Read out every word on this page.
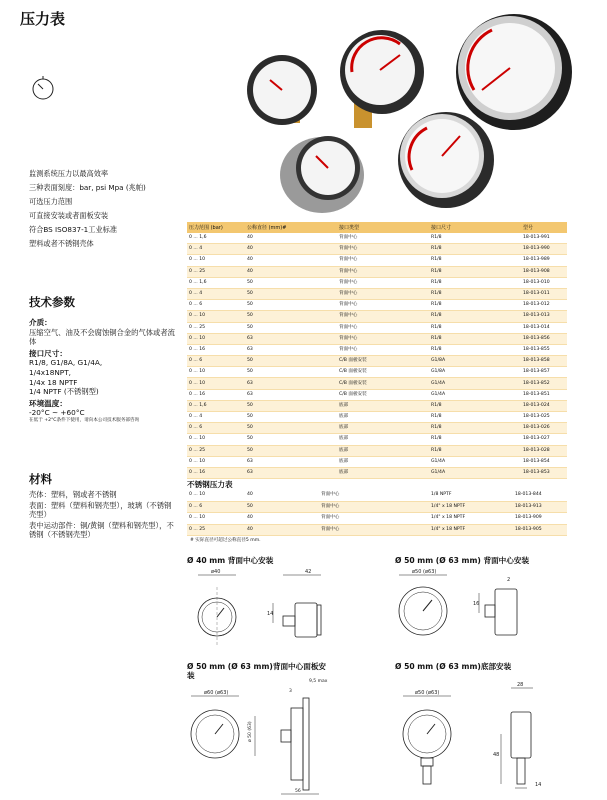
压力表
监测系统压力以最高效率
三种表面刻度：bar, psi Mpa (兆帕)
可选压力范围
可直接安装或者面板安装
符合BS ISO837-1工业标准
塑料或者不锈钢壳体
技术参数
介质：
压缩空气、油及不会腐蚀铜合金的气体或者流体
接口尺寸：
R1/8, G1/8A, G1/4A,
1/4x18NPT,
1/4x 18 NPTF
1/4 NPTF (不锈钢型)
环境温度：
-20°C ~ +60°C
在低于 +2°C条件下使用，请向本公司技术服务部咨询
材料
壳体：塑料，钢或者不锈钢
表面：塑料（塑料和钢壳型），玻璃（不锈钢壳型）
表中运动部件：铜/黄铜（塑料和钢壳型），不锈钢（不锈钢壳型）
压力范围 (bar)	公称直径 (mm)#	接口类型	接口尺寸	型号
0 ... 1,6	40	背面中心	R1/8	18-013-991
0 ... 4	40	背面中心	R1/8	18-013-990
0 ... 10	40	背面中心	R1/8	18-013-989
0 ... 25	40	背面中心	R1/8	18-013-908
0 ... 1,6	50	背面中心	R1/8	18-013-010
0 ... 4	50	背面中心	R1/8	18-013-011
0 ... 6	50	背面中心	R1/8	18-013-012
0 ... 10	50	背面中心	R1/8	18-013-013
0 ... 25	50	背面中心	R1/8	18-013-014
0 ... 10	63	背面中心	R1/8	18-013-856
0 ... 16	63	背面中心	R1/8	18-013-855
0 ... 6	50	C/B 面板安装	G1/8A	18-013-858
0 ... 10	50	C/B 面板安装	G1/8A	18-013-857
0 ... 10	63	C/B 面板安装	G1/4A	18-013-852
0 ... 16	63	C/B 面板安装	G1/4A	18-013-851
0 ... 1,6	50	底部	R1/8	18-013-024
0 ... 4	50	底部	R1/8	18-013-025
0 ... 6	50	底部	R1/8	18-013-026
0 ... 10	50	底部	R1/8	18-013-027
0 ... 25	50	底部	R1/8	18-013-028
0 ... 10	63	底部	G1/4A	18-013-854
0 ... 16	63	底部	G1/4A	18-013-853
不锈钢压力表
0 ... 10	40	背面中心	1/8 NPTF	18-013-844
0 ... 6	50	背面中心	1/4" x 18 NPTF	18-013-913
0 ... 10	40	背面中心	1/4" x 18 NPTF	18-013-909
0 ... 25	40	背面中心	1/4" x 18 NPTF	18-013-905
# 实际直径可超过公称直径5 mm.
Ø 40 mm 背面中心安装	Ø 50 mm (Ø 63 mm) 背面中心安装
Ø 50 mm (Ø 63 mm)背面中心面板安装
Ø 50 mm (Ø 63 mm)底部安装
ø40	42
14
ø50 (ø63)
16
2
ø60 (ø63)
ø 50 (63)
9,5 max
3
56
ø50 (ø63)
28
48
14
